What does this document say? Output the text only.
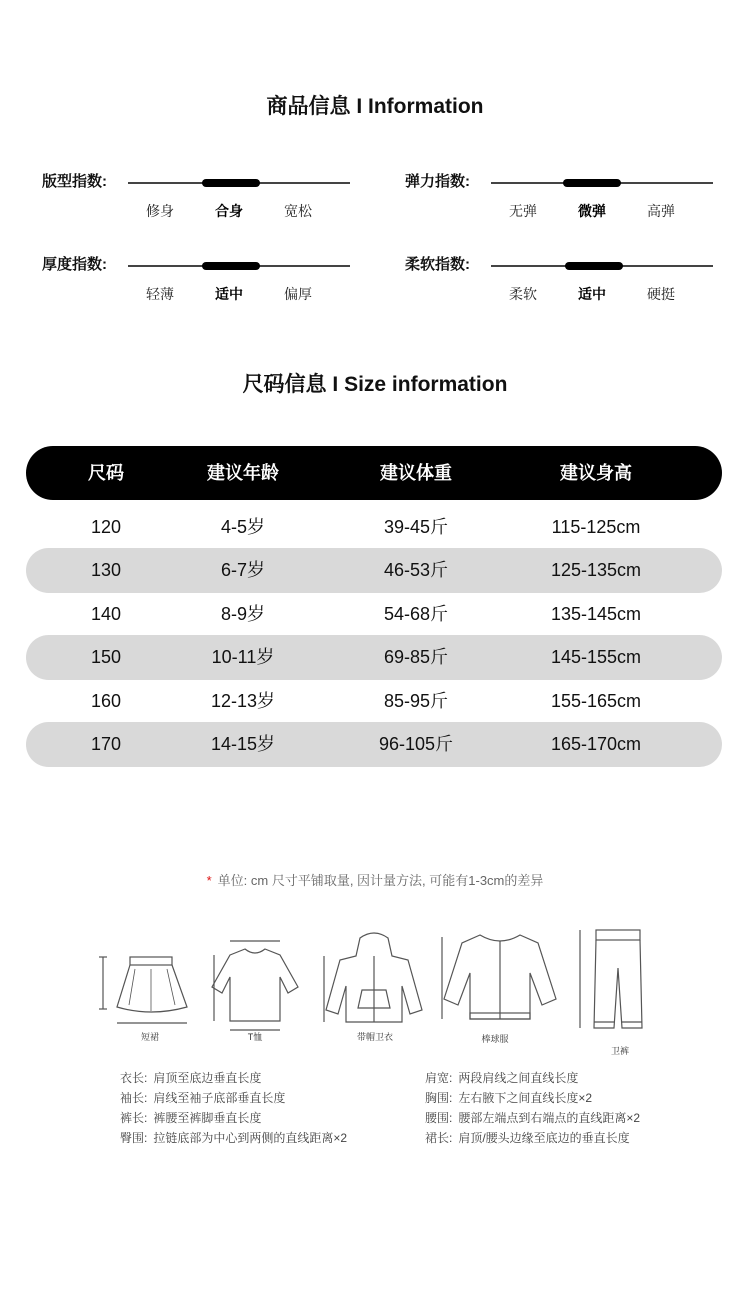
商品信息 I Information
版型指数:
修身	合身	宽松
弹力指数:
无弹	微弹	高弹
厚度指数:
轻薄	适中	偏厚
柔软指数:
柔软	适中	硬挺
尺码信息 I Size information
尺码	建议年龄	建议体重	建议身高
120	4-5岁	39-45斤	115-125cm
130	6-7岁	46-53斤	125-135cm
140	8-9岁	54-68斤	135-145cm
150	10-11岁	69-85斤	145-155cm
160	12-13岁	85-95斤	155-165cm
170	14-15岁	96-105斤	165-170cm
* 单位: cm 尺寸平铺取量, 因计量方法, 可能有1-3cm的差异
短裙	T恤	带帽卫衣	棒球服
卫裤
衣长: 肩顶至底边垂直长度
袖长: 肩线至袖子底部垂直长度
裤长: 裤腰至裤脚垂直长度
臀围: 拉链底部为中心到两侧的直线距离×2
肩宽: 两段肩线之间直线长度
胸围: 左右腋下之间直线长度×2
腰围: 腰部左端点到右端点的直线距离×2
裙长: 肩顶/腰头边缘至底边的垂直长度
